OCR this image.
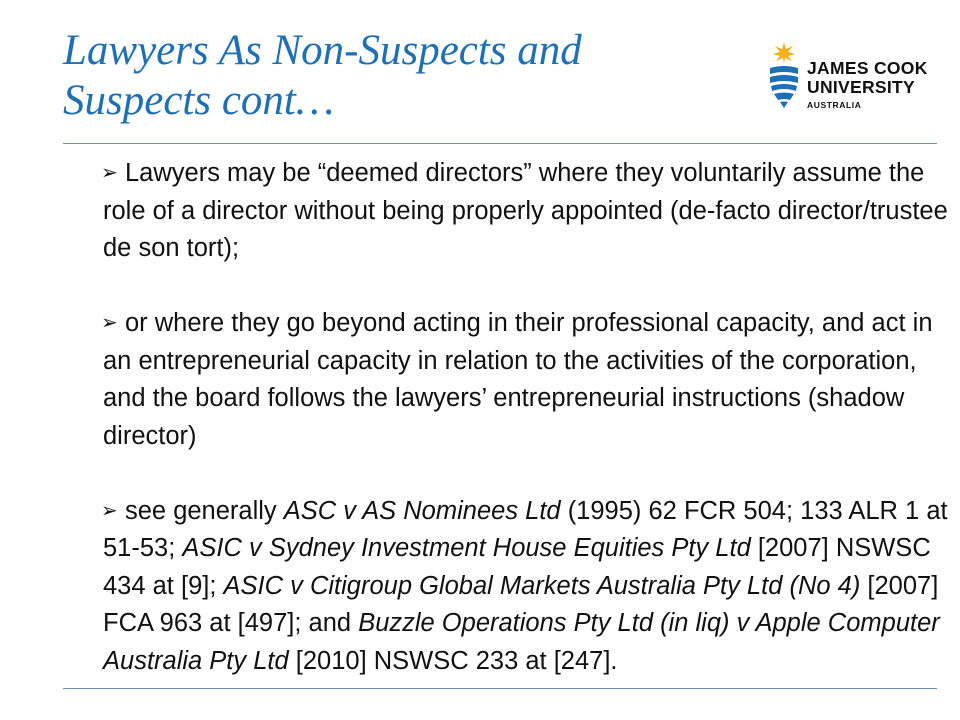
Lawyers As Non-Suspects and
Suspects cont…
JAMES COOK
UNIVERSITY
AUSTRALIA
➢ Lawyers may be “deemed directors” where they voluntarily assume the role of a director without being properly appointed (de-facto director/trustee de son tort);
➢ or where they go beyond acting in their professional capacity, and act in an entrepreneurial capacity in relation to the activities of the corporation, and the board follows the lawyers’ entrepreneurial instructions (shadow director)
➢ see generally ASC v AS Nominees Ltd (1995) 62 FCR 504; 133 ALR 1 at 51-53; ASIC v Sydney Investment House Equities Pty Ltd [2007] NSWSC 434 at [9]; ASIC v Citigroup Global Markets Australia Pty Ltd (No 4) [2007] FCA 963 at [497]; and Buzzle Operations Pty Ltd (in liq) v Apple Computer Australia Pty Ltd [2010] NSWSC 233 at [247].
